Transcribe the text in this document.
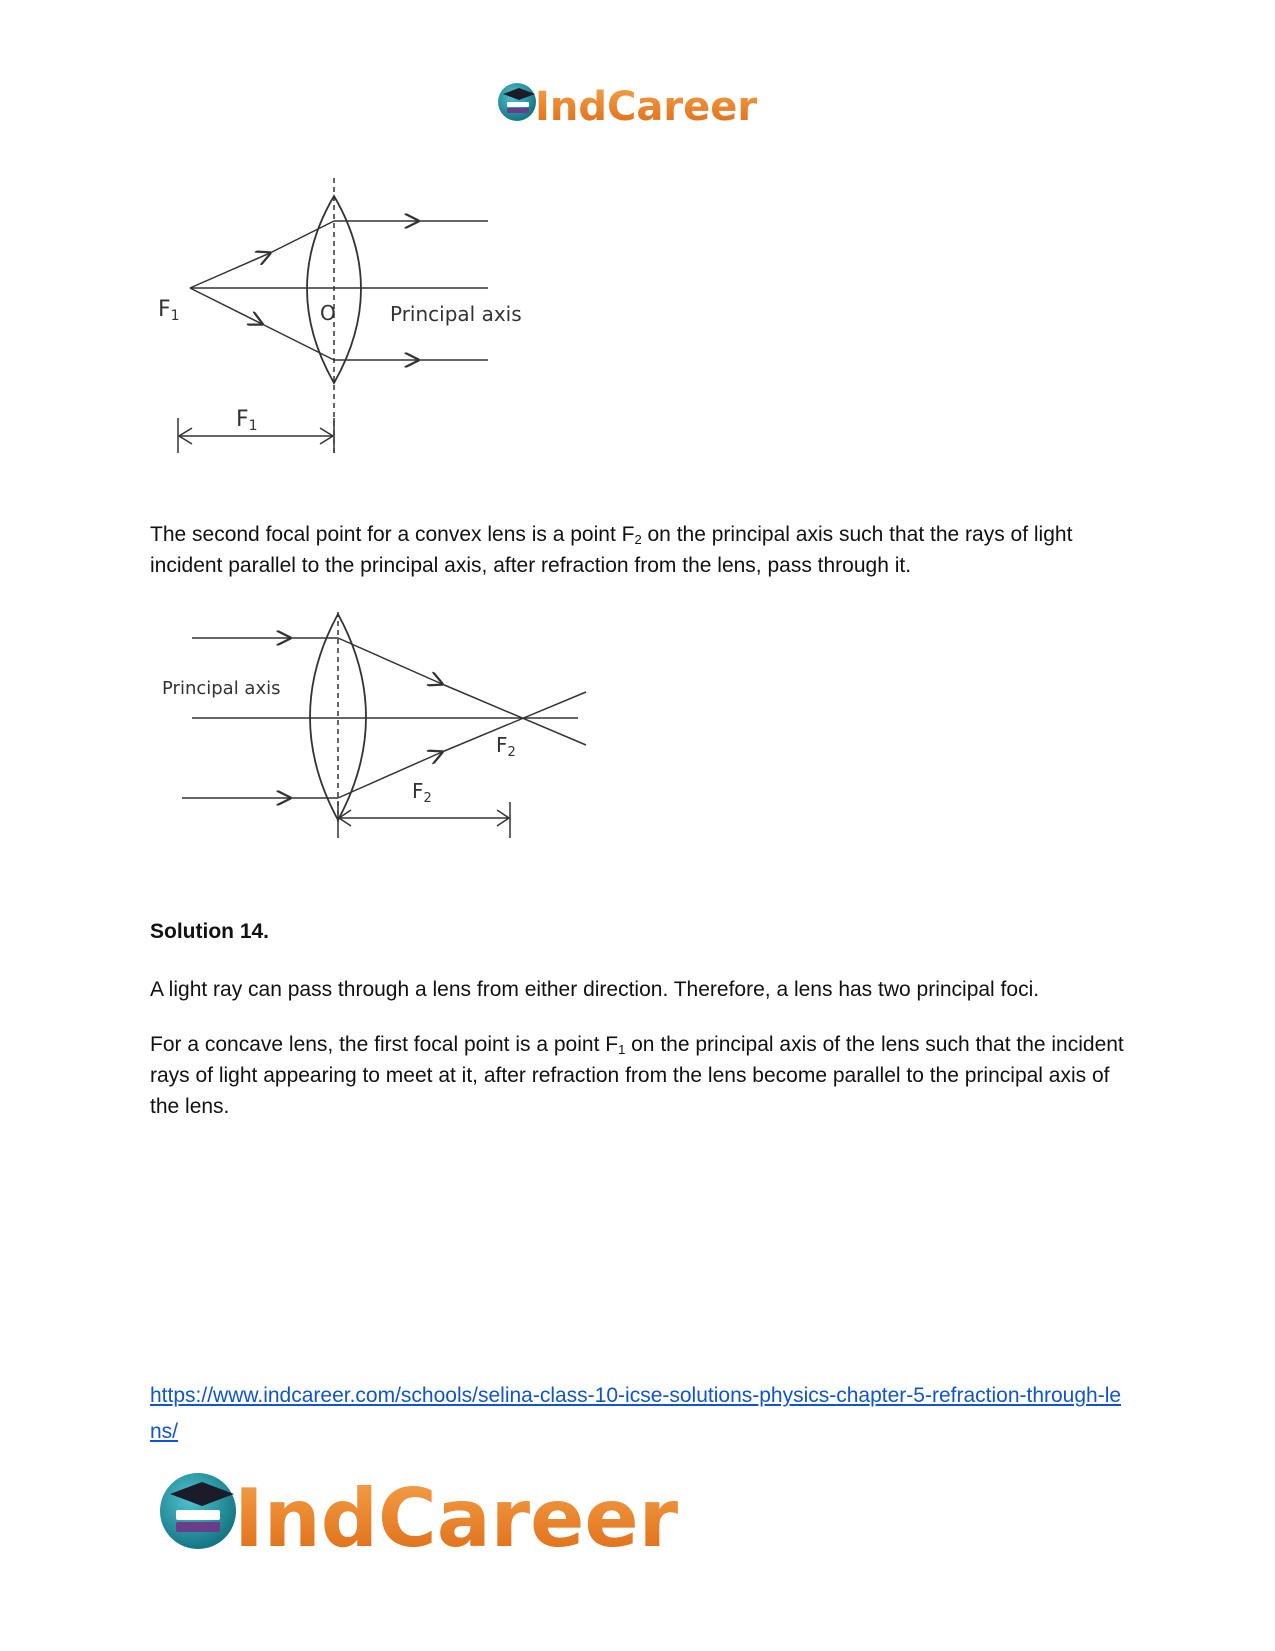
IndCareer
F1	O	Principal axis
F1

The second focal point for a convex lens is a point $F_2$ on the principal axis such that the rays of light incident parallel to the principal axis, after refraction from the lens, pass through it.

Principal axis
$F_2$
$F_2$

Solution 14.

A light ray can pass through a lens from either direction. Therefore, a lens has two principal foci.

For a concave lens, the first focal point is a point $F_1$ on the principal axis of the lens such that the incident rays of light appearing to meet at it, after refraction from the lens become parallel to the principal axis of the lens.

https://www.indcareer.com/schools/selina-class-10-icse-solutions-physics-chapter-5-refraction-through-lens/
IndCareer
